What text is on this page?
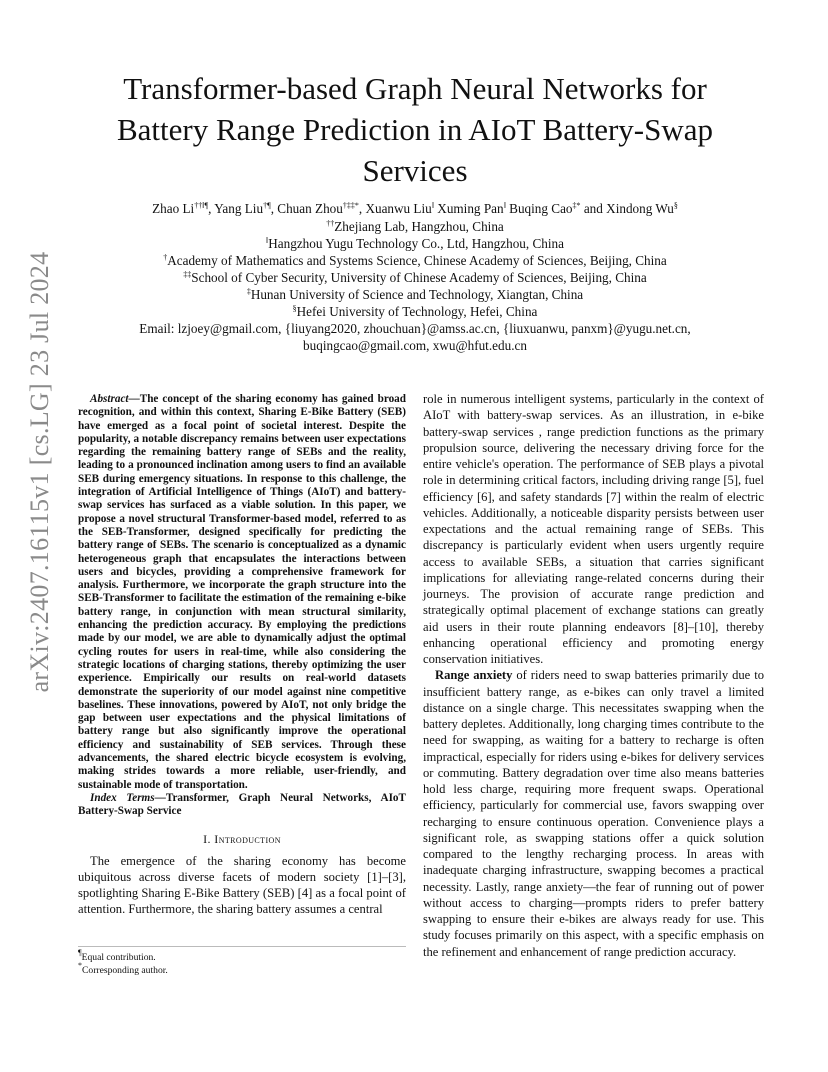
arXiv:2407.16115v1 [cs.LG] 23 Jul 2024
Transformer-based Graph Neural Networks for Battery Range Prediction in AIoT Battery-Swap Services
Zhao Li††‖¶, Yang Liu†¶, Chuan Zhou†‡‡*, Xuanwu Liu‖ Xuming Pan‖ Buqing Cao‡* and Xindong Wu§
††Zhejiang Lab, Hangzhou, China
‖Hangzhou Yugu Technology Co., Ltd, Hangzhou, China
†Academy of Mathematics and Systems Science, Chinese Academy of Sciences, Beijing, China
‡‡School of Cyber Security, University of Chinese Academy of Sciences, Beijing, China
‡Hunan University of Science and Technology, Xiangtan, China
§Hefei University of Technology, Hefei, China
Email: lzjoey@gmail.com, {liuyang2020, zhouchuan}@amss.ac.cn, {liuxuanwu, panxm}@yugu.net.cn,
buqingcao@gmail.com, xwu@hfut.edu.cn

Abstract—The concept of the sharing economy has gained broad recognition, and within this context, Sharing E-Bike Battery (SEB) have emerged as a focal point of societal interest. Despite the popularity, a notable discrepancy remains between user expectations regarding the remaining battery range of SEBs and the reality, leading to a pronounced inclination among users to find an available SEB during emergency situations. In response to this challenge, the integration of Artificial Intelligence of Things (AIoT) and battery-swap services has surfaced as a viable solution. In this paper, we propose a novel structural Transformer-based model, referred to as the SEB-Transformer, designed specifically for predicting the battery range of SEBs. The scenario is conceptualized as a dynamic heterogeneous graph that encapsulates the interactions between users and bicycles, providing a comprehensive framework for analysis. Furthermore, we incorporate the graph structure into the SEB-Transformer to facilitate the estimation of the remaining e-bike battery range, in conjunction with mean structural similarity, enhancing the prediction accuracy. By employing the predictions made by our model, we are able to dynamically adjust the optimal cycling routes for users in real-time, while also considering the strategic locations of charging stations, thereby optimizing the user experience. Empirically our results on real-world datasets demonstrate the superiority of our model against nine competitive baselines. These innovations, powered by AIoT, not only bridge the gap between user expectations and the physical limitations of battery range but also significantly improve the operational efficiency and sustainability of SEB services. Through these advancements, the shared electric bicycle ecosystem is evolving, making strides towards a more reliable, user-friendly, and sustainable mode of transportation.

Index Terms—Transformer, Graph Neural Networks, AIoT Battery-Swap Service

I. Introduction

The emergence of the sharing economy has become ubiquitous across diverse facets of modern society [1]–[3], spotlighting Sharing E-Bike Battery (SEB) [4] as a focal point of attention. Furthermore, the sharing battery assumes a central

¶Equal contribution.
*Corresponding author.

role in numerous intelligent systems, particularly in the context of AIoT with battery-swap services. As an illustration, in e-bike battery-swap services , range prediction functions as the primary propulsion source, delivering the necessary driving force for the entire vehicle's operation. The performance of SEB plays a pivotal role in determining critical factors, including driving range [5], fuel efficiency [6], and safety standards [7] within the realm of electric vehicles. Additionally, a noticeable disparity persists between user expectations and the actual remaining range of SEBs. This discrepancy is particularly evident when users urgently require access to available SEBs, a situation that carries significant implications for alleviating range-related concerns during their journeys. The provision of accurate range prediction and strategically optimal placement of exchange stations can greatly aid users in their route planning endeavors [8]–[10], thereby enhancing operational efficiency and promoting energy conservation initiatives.

Range anxiety of riders need to swap batteries primarily due to insufficient battery range, as e-bikes can only travel a limited distance on a single charge. This necessitates swapping when the battery depletes. Additionally, long charging times contribute to the need for swapping, as waiting for a battery to recharge is often impractical, especially for riders using e-bikes for delivery services or commuting. Battery degradation over time also means batteries hold less charge, requiring more frequent swaps. Operational efficiency, particularly for commercial use, favors swapping over recharging to ensure continuous operation. Convenience plays a significant role, as swapping stations offer a quick solution compared to the lengthy recharging process. In areas with inadequate charging infrastructure, swapping becomes a practical necessity. Lastly, range anxiety—the fear of running out of power without access to charging—prompts riders to prefer battery swapping to ensure their e-bikes are always ready for use. This study focuses primarily on this aspect, with a specific emphasis on the refinement and enhancement of range prediction accuracy.
